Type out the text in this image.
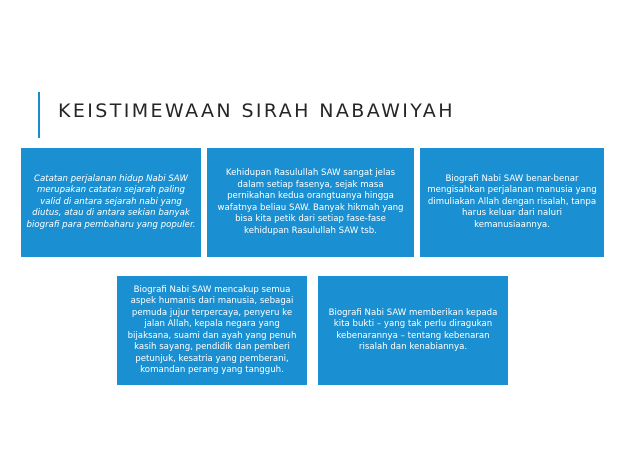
KEISTIMEWAAN SIRAH NABAWIYAH
Catatan perjalanan hidup Nabi SAW merupakan catatan sejarah paling valid di antara sejarah nabi yang diutus, atau di antara sekian banyak biografi para pembaharu yang populer.
Kehidupan Rasulullah SAW sangat jelas dalam setiap fasenya, sejak masa pernikahan kedua orangtuanya hingga wafatnya beliau SAW. Banyak hikmah yang bisa kita petik dari setiap fase-fase kehidupan Rasulullah SAW tsb.
Biografi Nabi SAW benar-benar mengisahkan perjalanan manusia yang dimuliakan Allah dengan risalah, tanpa harus keluar dari naluri kemanusiaannya.
Biografi Nabi SAW mencakup semua aspek humanis dari manusia, sebagai pemuda jujur terpercaya, penyeru ke jalan Allah, kepala negara yang bijaksana, suami dan ayah yang penuh kasih sayang, pendidik dan pemberi petunjuk, kesatria yang pemberani, komandan perang yang tangguh.
Biografi Nabi SAW memberikan kepada kita bukti – yang tak perlu diragukan kebenarannya – tentang kebenaran risalah dan kenabiannya.
